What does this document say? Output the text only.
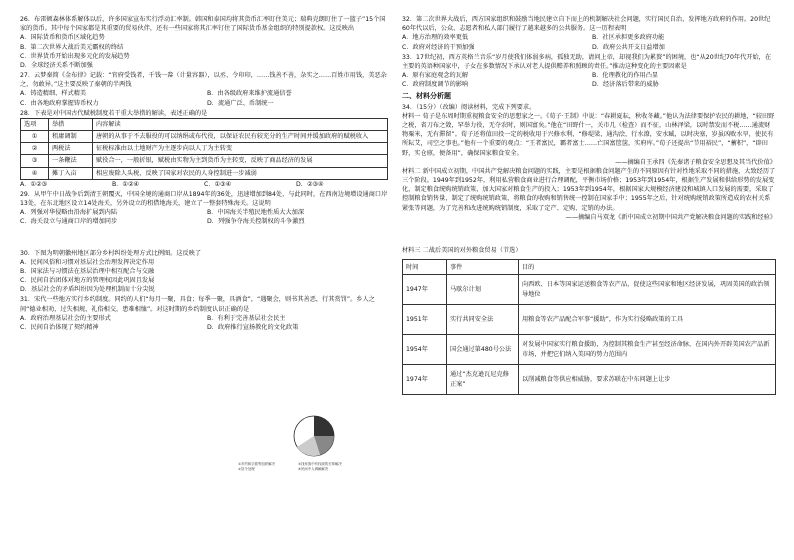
26．布雷顿森林体系解体以后，许多国家宣布实行浮动汇率制。韩国和泰国均将其货币汇率盯住美元；瑞典克朗盯住了一篮子”15个国家的货币。其中每个国家都是其重要的贸易伙伴，还有一些国家将其汇率钉住了国际货币基金组织的特别提款权。这反映出

A．国际货币和货币区域化趋势

B．第二次世界大战后美元霸权的终结

C．世界货币开始出现多元化的发展趋势

D．全球经济关系不断加强

27．云梦秦简《金布律》记载：“官府受钱者，千钱一畚（计量容器），以丞、令印印，……钱善不善，杂实之……百姓市用钱，美恶杂之，勿敢异。”这主要反映了秦朝的半两钱

A．铸造精细、样式精美	B．由各级政府来维护流通信誉

C．由各地政府掌握铸币权力	D．流通广泛、币制统一

28．下表是对中国古代赋税制度若干重大举措的解读，表述正确的是

选项	举措	内容解读
①	租庸调制	唐朝的从事于不去服役的可以纳绢或布代役，以保证农民有较充分的生产时间并缓加政府的赋税收入
②	两税法	征税标准由以土地财产为主逐步向以人丁为主转变
③	一条鞭法	赋役合一，一般折银，赋税由实物为主到货币为主转变，反映了商品经济的发展
④	摊丁入亩	相应废除人头税，反映了国家对农民的人身控制进一步减弱

A．①②③	B．①②④	C．①③④	D．②③④

29．从甲午中日战争后到清王朝覆灭，中国全境的通商口岸从1894年的36处，迅速增加到84处，与此同时，在西南边境增设通商口岸13处，在东北地区设立14处海关，另外设立的租借地海关，建立了一整套特殊海关。这说明

A．列强对华侵略由沿海扩展到内陆	B．中国海关半殖民地性质大大加深

C．海关设立与通商口岸的增加同步	D．列强争夺海关控制权的斗争激烈

30．下图为明朝徽州地区部分乡村纠纷处理方式比例图。这反映了

A．民间风俗和习惯对基层社会治理发挥决定作用

B．国家法与习惯法在基层治理中相互配合与交融

C．民间自治团体对地方的管理权因此巩固且发展

D．基层社会的矛盾纠纷因为处理机制而十分尖锐

31．宋代一些地方实行乡约制度。同约的人们“每月一聚，具食；每季一聚，具酒食”，“遇聚会，则书其善恶，行其赏罚”。乡人之间“德业相劝，过失相规，礼俗相交，患难相恤”。对这时期的乡约制度认识正确的是

A．政府治理基层社会的主要形式	B．有利于完善基层社会民主

C．民间自治体现了契约精神	D．政府推行宣扬教化的文化政策

①乡约和宗族等组织解决
②县令处理
③找家族中有权威的长辈解决
④民间中人调解解决

32．第二次世界大战后，西方国家组织和鼓励当地民建立自下而上的机制解决社会问题，实行国民自治，发挥地方政府的作用。20世纪60年代以后，公众、志愿者和私人部门履行了越来越多的公共服务。这一历程表明

A．地方治理的效率更低	B．社区承担更多政府功能

C．政府对经济的干预加强	D．政府公共开支日益增加

33．17世纪初，西方英格兰音乐“岁月使我们体弱多病，孤独无助，请问上帝，却视我们为累赘”的困境，也“从20世纪70年代开始，在主要的英语种国家中，子女在多数情况下承认对老人提供赡养和照顾的责任。”推动这种变化的主要因素是

A．原有家庭观念的瓦解	B．伦理教化的作用凸显

C．政府制度调节的影响	D．经济落后带来的威胁

二、材料分析题

34．（15分）（改编）阅读材料，完成下列要求。

材料一 荀子是东周时期重视粮食安全的思想家之一。《荀子·王制》中说：“春耕夏耘，秋收冬藏。”他认为法律要保护农民的耕地，“较田野之税，省刀布之敛，罕举力役，无夺农时，则国富矣。”他在“田野什一，关市几（检查）而不征，山林泽梁，以时禁发而不税……通流财物粟米，无有滞留”。荀子还将值田投一定的税收用于兴修水利，“修堤梁，通沟浍，行水潦，安水臧，以时决塞，岁虽凶败水旱，使民有所耘艾，司空之事也。”他有一个重要的观点：“王者富民，霸者富士……亡国富筐箧，实府库。”荀子还提出“节用裕民”，“蓄积”，“辟田野，实仓廪，便备用”，确保国家粮食安全。

——摘编自王承四《先秦诸子粮食安全思想及其当代价值》

材料二 新中国成立初期，中国共产党解决粮食问题的实践，主要是根据粮食问题产生的不同原因有针对性地采取不同的措施，大致经历了三个阶段。1949年到1952年，利用私营粮食商业进行合理调配，平衡市场价格；1953年到1954年，根据生产发展和供给形势的发展变化，制定粮食统购统销政策，加大国家对粮食生产的投入；1953年到1954年，根据国家大规模经济建设和城镇人口发展的需要，采取了控制粮食销售量，制定了统购统销政策，将粮食的收购和销售统一控制在国家手中；1955年之后，针对统购统销政策所造成的农村关系紧张等问题，为了完善和改进统购统销制度，采取了定产、定购、定销的办法。

——摘编自马双龙《新中国成立初期中国共产党解决粮食问题的实践和经验》

材料三 二战后美国的对外粮食贸易（节选）

时间	事件	目的
1947年	马歇尔计划	向西欧、日本等国家运送粮食等农产品，促使这些国家和地区经济发展，巩固美国的政治领导地位
1951年	实行共同安全法	用粮食等农产品配合军事“援助”，作为实行侵略政策的工具
1954年	国会通过第480号公法	对发展中国家实行粮食援助，为控制其粮食生产甚至经济命脉，在国内外开辟美国农产品新市场，并把它们纳入美国的势力范围内
1974年	通过“杰克逊瓦尼克修正案”	以削减粮食等供应相威胁，要求苏联在中东问题上让步
